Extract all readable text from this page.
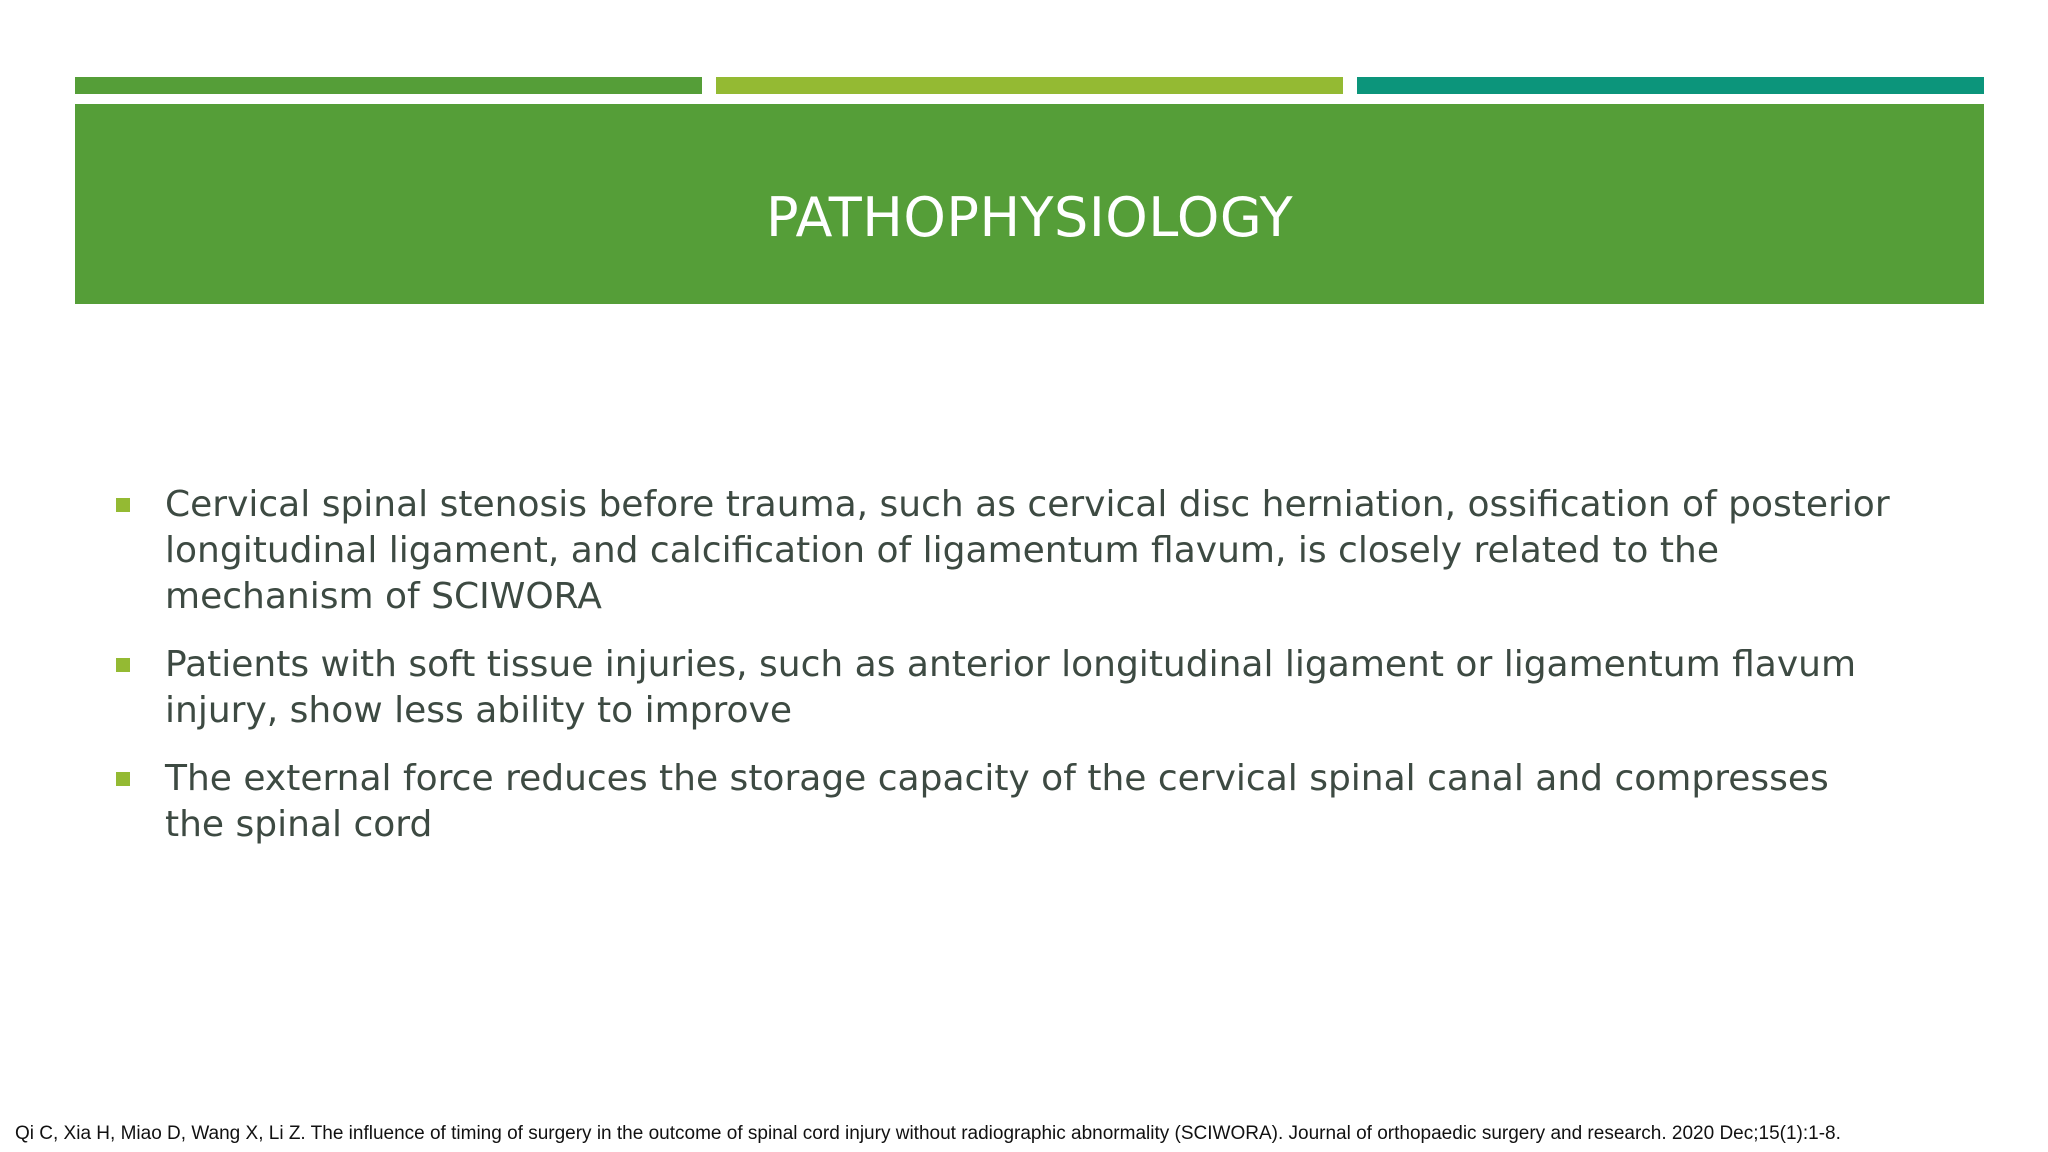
PATHOPHYSIOLOGY
Cervical spinal stenosis before trauma, such as cervical disc herniation, ossification of posterior longitudinal ligament, and calcification of ligamentum flavum, is closely related to the mechanism of SCIWORA
Patients with soft tissue injuries, such as anterior longitudinal ligament or ligamentum flavum injury, show less ability to improve
The external force reduces the storage capacity of the cervical spinal canal and compresses the spinal cord
Qi C, Xia H, Miao D, Wang X, Li Z. The influence of timing of surgery in the outcome of spinal cord injury without radiographic abnormality (SCIWORA). Journal of orthopaedic surgery and research. 2020 Dec;15(1):1-8.
